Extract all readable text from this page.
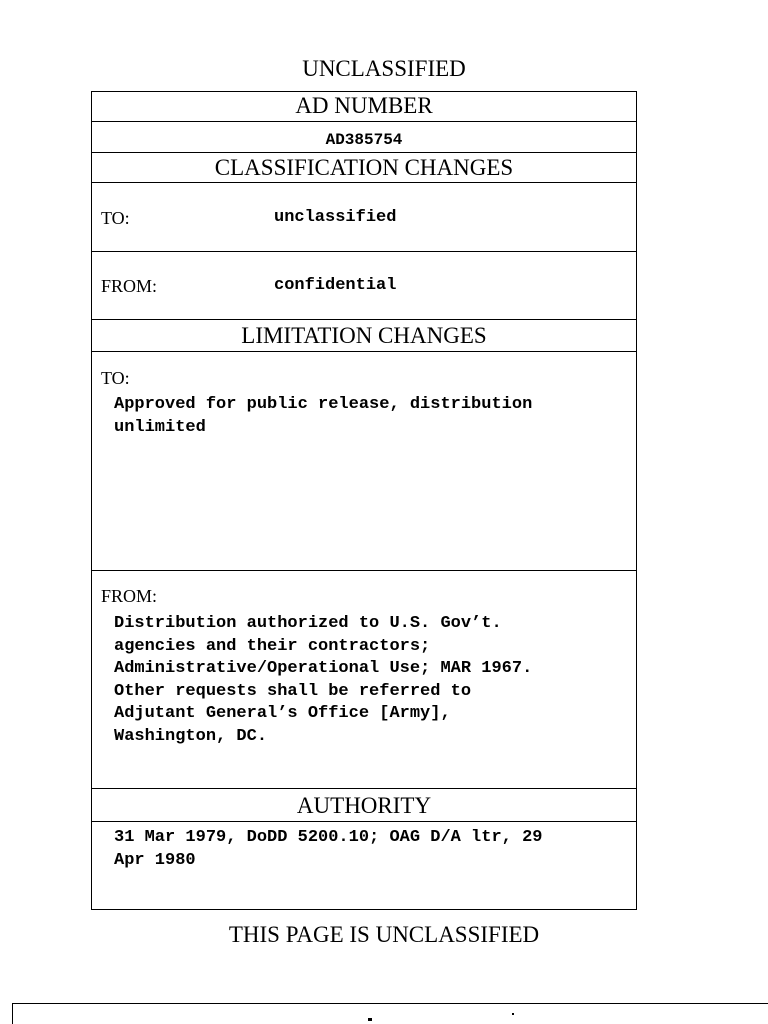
UNCLASSIFIED
AD NUMBER
AD385754
CLASSIFICATION CHANGES
TO:	unclassified
FROM:	confidential
LIMITATION CHANGES
TO:
Approved for public release, distribution
unlimited
FROM:
Distribution authorized to U.S. Gov’t.
agencies and their contractors;
Administrative/Operational Use; MAR 1967.
Other requests shall be referred to
Adjutant General’s Office [Army],
Washington, DC.
AUTHORITY
31 Mar 1979, DoDD 5200.10; OAG D/A ltr, 29
Apr 1980
THIS PAGE IS UNCLASSIFIED
